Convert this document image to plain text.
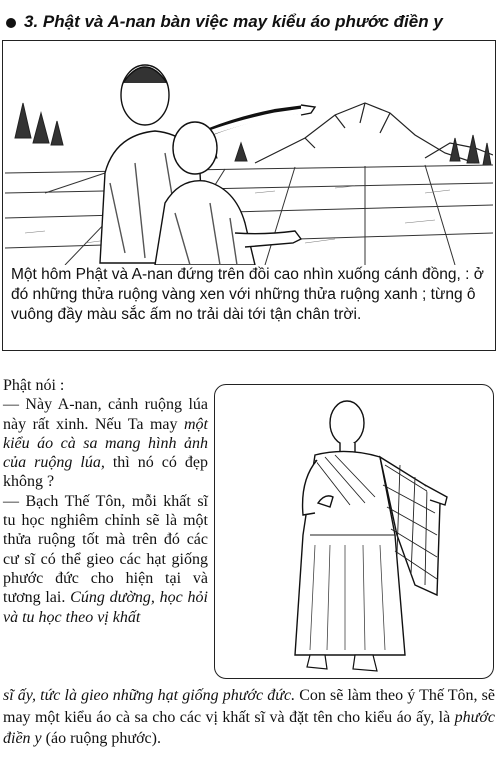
3. Phật và A-nan bàn việc may kiểu áo phước điền y
Một hôm Phật và A-nan đứng trên đồi cao nhìn xuống cánh đồng, : ở đó những thửa ruộng vàng xen với những thửa ruộng xanh ; từng ô vuông đầy màu sắc ấm no trải dài tới tận chân trời.

Phật nói :

— Này A-nan, cảnh ruộng lúa này rất xinh. Nếu Ta may một kiểu áo cà sa mang hình ảnh của ruộng lúa, thì nó có đẹp không ?

— Bạch Thế Tôn, mỗi khất sĩ tu học nghiêm chỉnh sẽ là một thửa ruộng tốt mà trên đó các cư sĩ có thể gieo các hạt giống phước đức cho hiện tại và tương lai. Cúng dường, học hỏi và tu học theo vị khất

sĩ ấy, tức là gieo những hạt giống phước đức. Con sẽ làm theo ý Thế Tôn, sẽ may một kiểu áo cà sa cho các vị khất sĩ và đặt tên cho kiểu áo ấy, là phước điền y (áo ruộng phước).
